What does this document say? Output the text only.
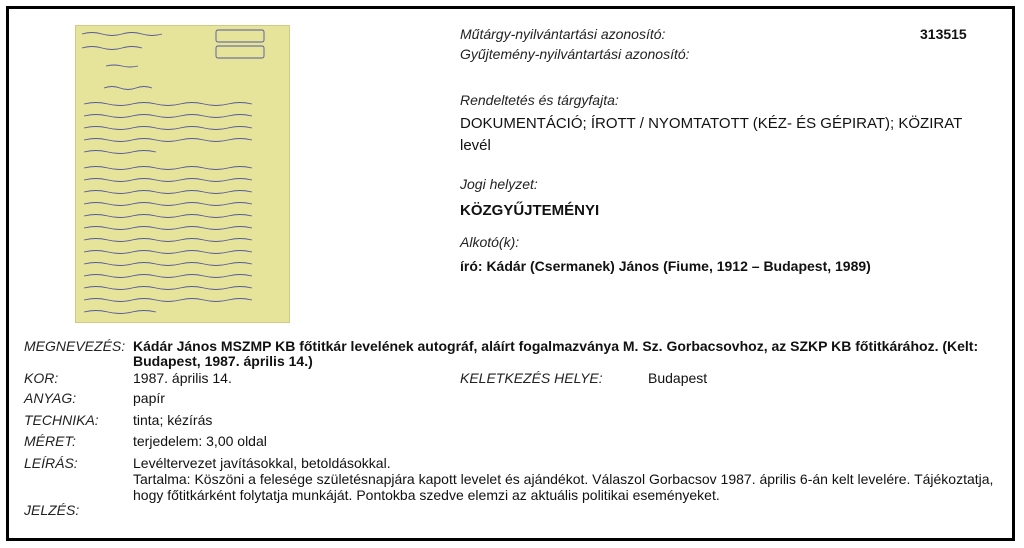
Műtárgy-nyilvántartási azonosító:	313515
Gyűjtemény-nyilvántartási azonosító:
Rendeltetés és tárgyfajta:
DOKUMENTÁCIÓ; ÍROTT / NYOMTATOTT (KÉZ- ÉS GÉPIRAT); KÖZIRAT
levél
Jogi helyzet:
KÖZGYŰJTEMÉNYI
Alkotó(k):
író: Kádár (Csermanek) János (Fiume, 1912 – Budapest, 1989)
MEGNEVEZÉS: Kádár János MSZMP KB főtitkár levelének autográf, aláírt fogalmazványa M. Sz. Gorbacsovhoz, az SZKP KB főtitkárához. (Kelt:
Budapest, 1987. április 14.)
KOR:	1987. április 14.	KELETKEZÉS HELYE:	Budapest
ANYAG:	papír
TECHNIKA: tinta; kézírás
MÉRET:	terjedelem: 3,00 oldal
LEÍRÁS:	Levéltervezet javításokkal, betoldásokkal.
Tartalma: Köszöni a felesége születésnapjára kapott levelet és ajándékot. Válaszol Gorbacsov 1987. április 6-án kelt levelére. Tájékoztatja,
hogy főtitkárként folytatja munkáját. Pontokba szedve elemzi az aktuális politikai eseményeket.
JELZÉS:
